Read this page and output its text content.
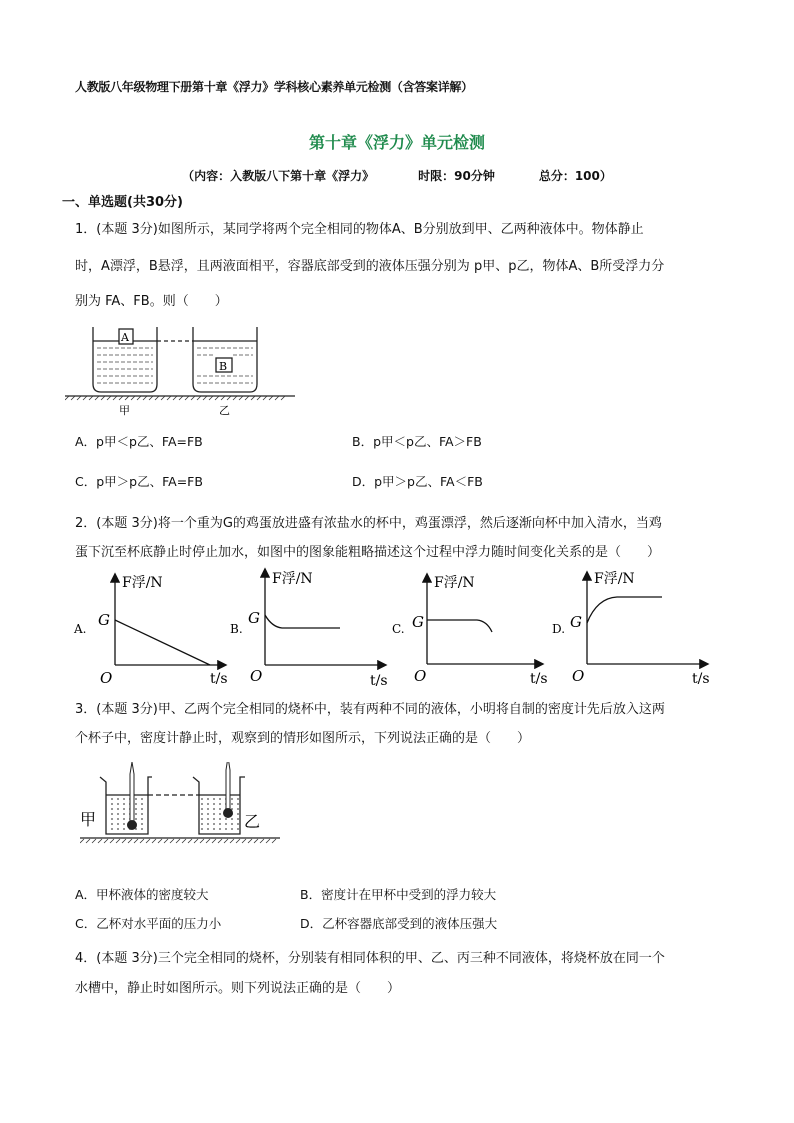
人教版八年级物理下册第十章《浮力》学科核心素养单元检测（含答案详解）
第十章《浮力》单元检测
（内容：入教版八下第十章《浮力》	时限：90分钟	总分：100）
一、单选题(共30分)
1．(本题 3分)如图所示，某同学将两个完全相同的物体A、B分别放到甲、乙两种液体中。物体静止
时，A漂浮，B悬浮，且两液面相平，容器底部受到的液体压强分别为 p甲、p乙，物体A、B所受浮力分
别为 FA、FB。则（　　）
A
B
甲	乙
A．p甲＜p乙、FA=FB	B．p甲＜p乙、FA＞FB
C．p甲＞p乙、FA=FB	D．p甲＞p乙、FA＜FB
2．(本题 3分)将一个重为G的鸡蛋放进盛有浓盐水的杯中，鸡蛋漂浮，然后逐渐向杯中加入清水，当鸡
蛋下沉至杯底静止时停止加水，如图中的图象能粗略描述这个过程中浮力随时间变化关系的是（　　）
A.
F浮/N
G
O	t/s
B.
F浮/N
G
O	t/s
C.
F浮/N
G
O	t/s
D.
F浮/N
G
O	t/s
3．(本题 3分)甲、乙两个完全相同的烧杯中，装有两种不同的液体，小明将自制的密度计先后放入这两
个杯子中，密度计静止时，观察到的情形如图所示，下列说法正确的是（　　）
甲	乙
A．甲杯液体的密度较大	B．密度计在甲杯中受到的浮力较大
C．乙杯对水平面的压力小	D．乙杯容器底部受到的液体压强大
4．(本题 3分)三个完全相同的烧杯，分别装有相同体积的甲、乙、丙三种不同液体，将烧杯放在同一个
水槽中，静止时如图所示。则下列说法正确的是（　　）
